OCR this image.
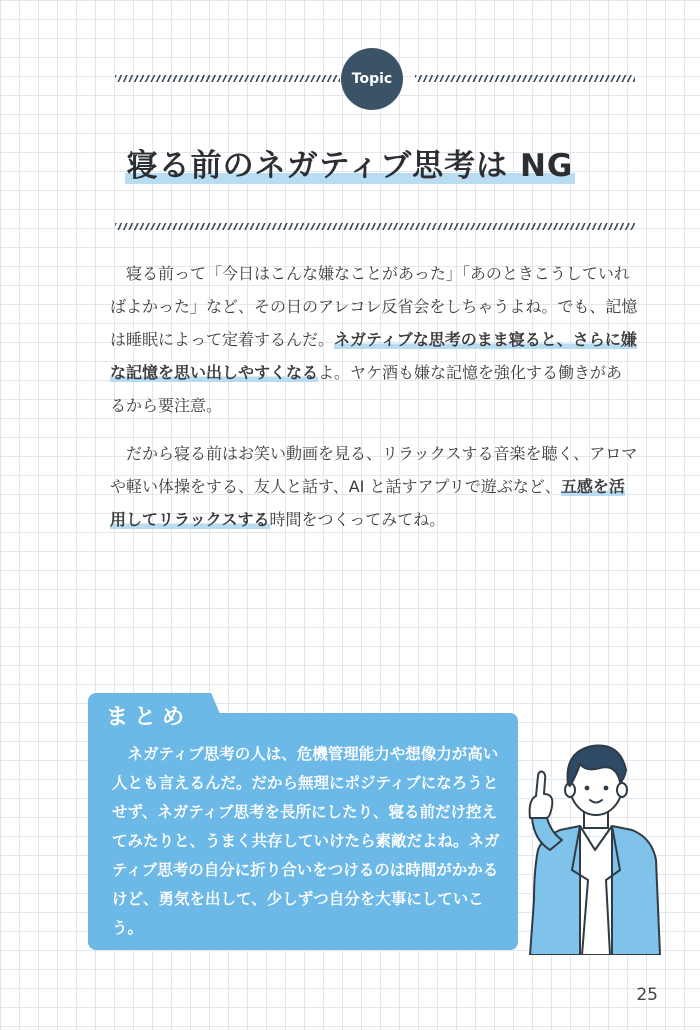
Topic
寝る前のネガティブ思考は NG

寝る前って「今日はこんな嫌なことがあった」「あのときこうしていればよかった」など、その日のアレコレ反省会をしちゃうよね。でも、記憶は睡眠によって定着するんだ。ネガティブな思考のまま寝ると、さらに嫌な記憶を思い出しやすくなるよ。ヤケ酒も嫌な記憶を強化する働きがあるから要注意。

だから寝る前はお笑い動画を見る、リラックスする音楽を聴く、アロマや軽い体操をする、友人と話す、AI と話すアプリで遊ぶなど、五感を活用してリラックスする時間をつくってみてね。

まとめ

ネガティブ思考の人は、危機管理能力や想像力が高い人とも言えるんだ。だから無理にポジティブになろうとせず、ネガティブ思考を長所にしたり、寝る前だけ控えてみたりと、うまく共存していけたら素敵だよね。ネガティブ思考の自分に折り合いをつけるのは時間がかかるけど、勇気を出して、少しずつ自分を大事にしていこう。

25
